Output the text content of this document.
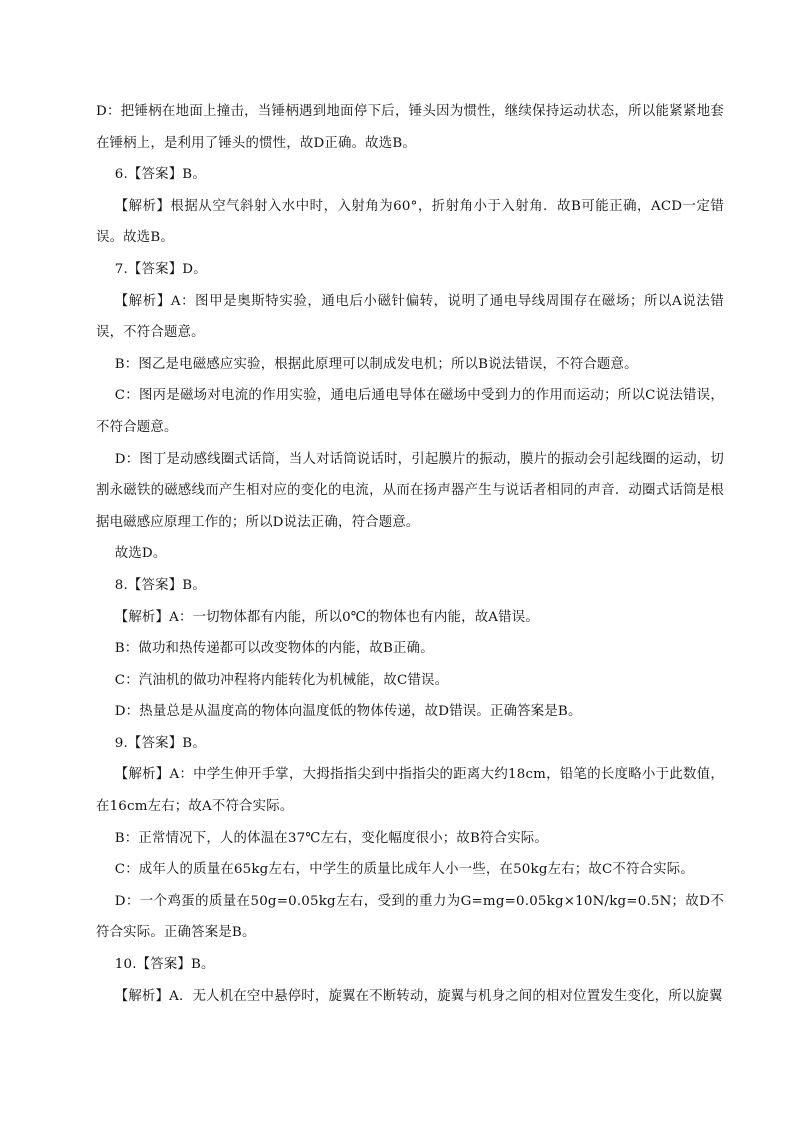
D：把锤柄在地面上撞击，当锤柄遇到地面停下后，锤头因为惯性，继续保持运动状态，所以能紧紧地套在锤柄上，是利用了锤头的惯性，故D正确。故选B。

6.【答案】B。

【解析】根据从空气斜射入水中时，入射角为60°，折射角小于入射角．故B可能正确，ACD一定错误。故选B。

7.【答案】D。

【解析】A：图甲是奥斯特实验，通电后小磁针偏转，说明了通电导线周围存在磁场；所以A说法错误，不符合题意。

B：图乙是电磁感应实验，根据此原理可以制成发电机；所以B说法错误，不符合题意。

C：图丙是磁场对电流的作用实验，通电后通电导体在磁场中受到力的作用而运动；所以C说法错误，不符合题意。

D：图丁是动感线圈式话筒，当人对话筒说话时，引起膜片的振动，膜片的振动会引起线圈的运动，切割永磁铁的磁感线而产生相对应的变化的电流，从而在扬声器产生与说话者相同的声音．动圈式话筒是根据电磁感应原理工作的；所以D说法正确，符合题意。

故选D。

8.【答案】B。

【解析】A：一切物体都有内能，所以0℃的物体也有内能，故A错误。

B：做功和热传递都可以改变物体的内能，故B正确。

C：汽油机的做功冲程将内能转化为机械能，故C错误。

D：热量总是从温度高的物体向温度低的物体传递，故D错误。正确答案是B。

9.【答案】B。

【解析】A：中学生伸开手掌，大拇指指尖到中指指尖的距离大约18cm，铅笔的长度略小于此数值，在16cm左右；故A不符合实际。

B：正常情况下，人的体温在37℃左右，变化幅度很小；故B符合实际。

C：成年人的质量在65kg左右，中学生的质量比成年人小一些，在50kg左右；故C不符合实际。

D：一个鸡蛋的质量在50g=0.05kg左右，受到的重力为G=mg=0.05kg×10N/kg=0.5N；故D不符合实际。正确答案是B。

10.【答案】B。

【解析】A．无人机在空中悬停时，旋翼在不断转动，旋翼与机身之间的相对位置发生变化，所以旋翼
